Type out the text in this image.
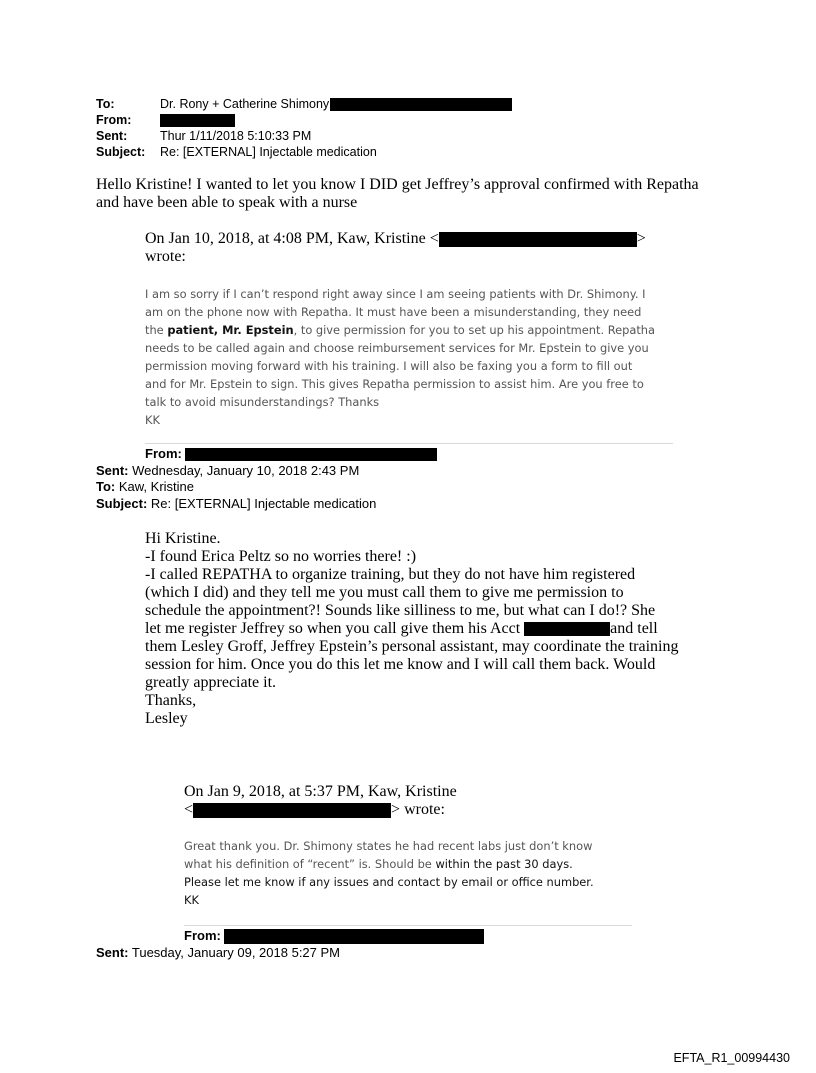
To:	Dr. Rony + Catherine Shimony
From:
Sent:	Thur 1/11/2018 5:10:33 PM
Subject: Re: [EXTERNAL] Injectable medication

Hello Kristine! I wanted to let you know I DID get Jeffrey’s approval confirmed with Repatha

and have been able to speak with a nurse

On Jan 10, 2018, at 4:08 PM, Kaw, Kristine <	>

wrote:

I am so sorry if I can’t respond right away since I am seeing patients with Dr. Shimony. I

am on the phone now with Repatha. It must have been a misunderstanding, they need

the patient, Mr. Epstein, to give permission for you to set up his appointment. Repatha

needs to be called again and choose reimbursement services for Mr. Epstein to give you

permission moving forward with his training. I will also be faxing you a form to fill out

and for Mr. Epstein to sign. This gives Repatha permission to assist him. Are you free to

talk to avoid misunderstandings? Thanks

KK

From:

Sent: Wednesday, January 10, 2018 2:43 PM

To: Kaw, Kristine

Subject: Re: [EXTERNAL] Injectable medication

Hi Kristine.

-I found Erica Peltz so no worries there! :)

-I called REPATHA to organize training, but they do not have him registered

(which I did) and they tell me you must call them to give me permission to

schedule the appointment?! Sounds like silliness to me, but what can I do!? She

let me register Jeffrey so when you call give them his Acct	and tell

them Lesley Groff, Jeffrey Epstein’s personal assistant, may coordinate the training

session for him. Once you do this let me know and I will call them back. Would

greatly appreciate it.

Thanks,

Lesley

On Jan 9, 2018, at 5:37 PM, Kaw, Kristine

<	> wrote:

Great thank you. Dr. Shimony states he had recent labs just don’t know

what his definition of “recent” is. Should be within the past 30 days.

Please let me know if any issues and contact by email or office number.

KK

From:

Sent: Tuesday, January 09, 2018 5:27 PM

EFTA_R1_00994430
